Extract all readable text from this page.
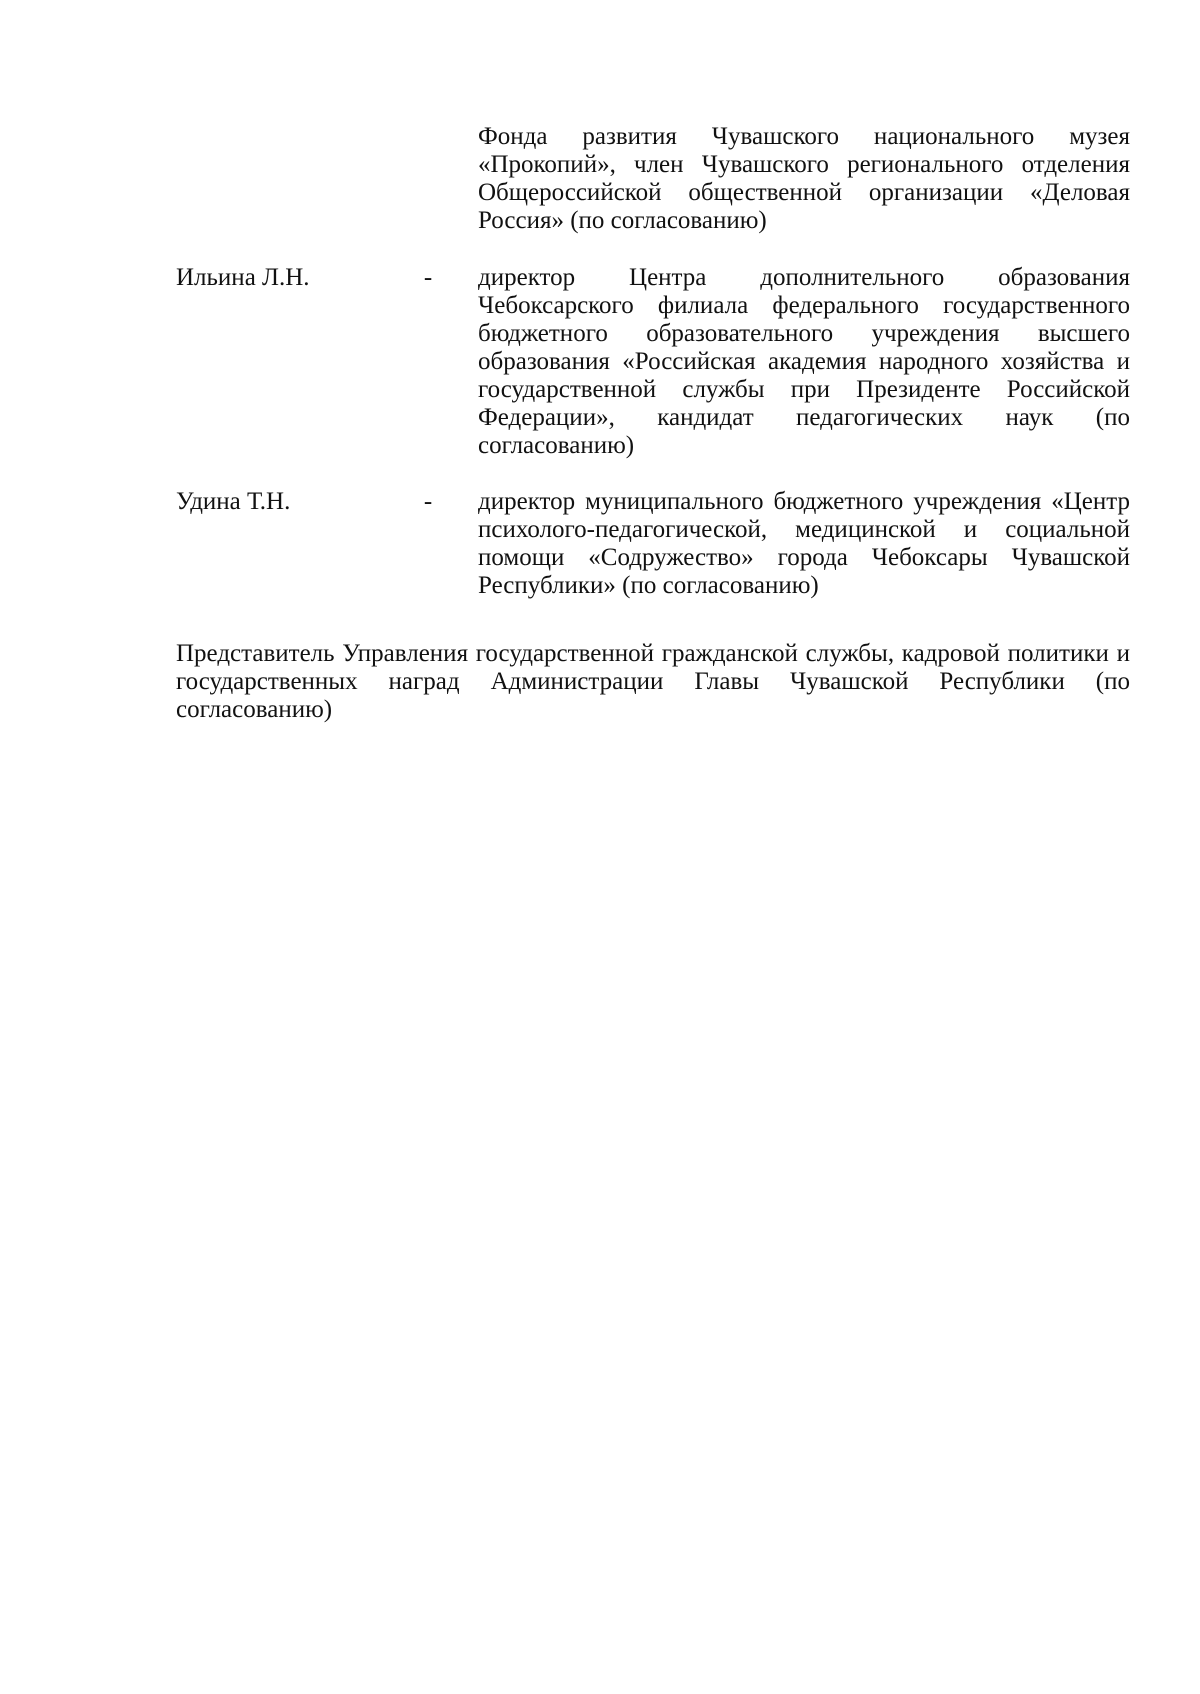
Фонда развития Чувашского национального музея «Прокопий», член Чувашского регионального отделения Общероссийской общественной организации «Деловая Россия» (по согласованию)

Ильина Л.Н.	-	директор Центра дополнительного образования Чебоксарского филиала федерального государственного бюджетного образовательного учреждения высшего образования «Российская академия народного хозяйства и государственной службы при Президенте Российской Федерации», кандидат педагогических наук (по согласованию)

Удина Т.Н.	-	директор муниципального бюджетного учреждения «Центр психолого-педагогической, медицинской и социальной помощи «Содружество» города Чебоксары Чувашской Республики» (по согласованию)

Представитель Управления государственной гражданской службы, кадровой политики и государственных наград Администрации Главы Чувашской Республики (по согласованию)
